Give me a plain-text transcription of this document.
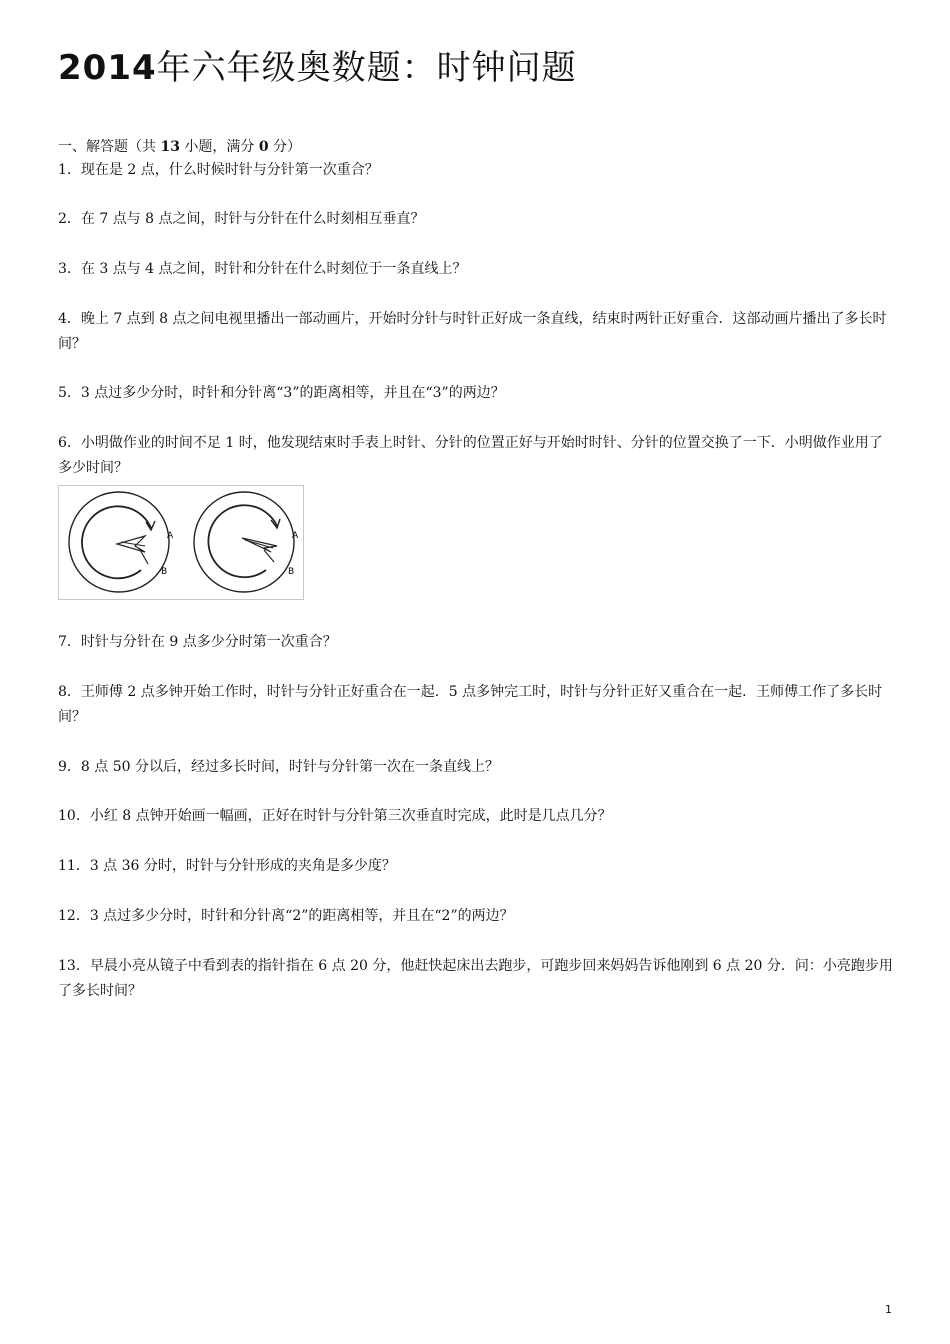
2014年六年级奥数题：时钟问题
一、解答题（共 13 小题，满分 0 分）
1．现在是 2 点，什么时候时针与分针第一次重合？
2．在 7 点与 8 点之间，时针与分针在什么时刻相互垂直？
3．在 3 点与 4 点之间，时针和分针在什么时刻位于一条直线上？
4．晚上 7 点到 8 点之间电视里播出一部动画片，开始时分针与时针正好成一条直线，结束时两针正好重合．这部动画片播出了多长时间？
5．3 点过多少分时，时针和分针离“3”的距离相等，并且在“3”的两边？
6．小明做作业的时间不足 1 时，他发现结束时手表上时针、分针的位置正好与开始时时针、分针的位置交换了一下．小明做作业用了多少时间？
A
B
A
B
7．时针与分针在 9 点多少分时第一次重合？
8．王师傅 2 点多钟开始工作时，时针与分针正好重合在一起．5 点多钟完工时，时针与分针正好又重合在一起．王师傅工作了多长时间？
9．8 点 50 分以后，经过多长时间，时针与分针第一次在一条直线上？
10．小红 8 点钟开始画一幅画，正好在时针与分针第三次垂直时完成，此时是几点几分？
11．3 点 36 分时，时针与分针形成的夹角是多少度？
12．3 点过多少分时，时针和分针离“2”的距离相等，并且在“2”的两边？
13．早晨小亮从镜子中看到表的指针指在 6 点 20 分，他赶快起床出去跑步，可跑步回来妈妈告诉他刚到 6 点 20 分．问：小亮跑步用了多长时间？
1
